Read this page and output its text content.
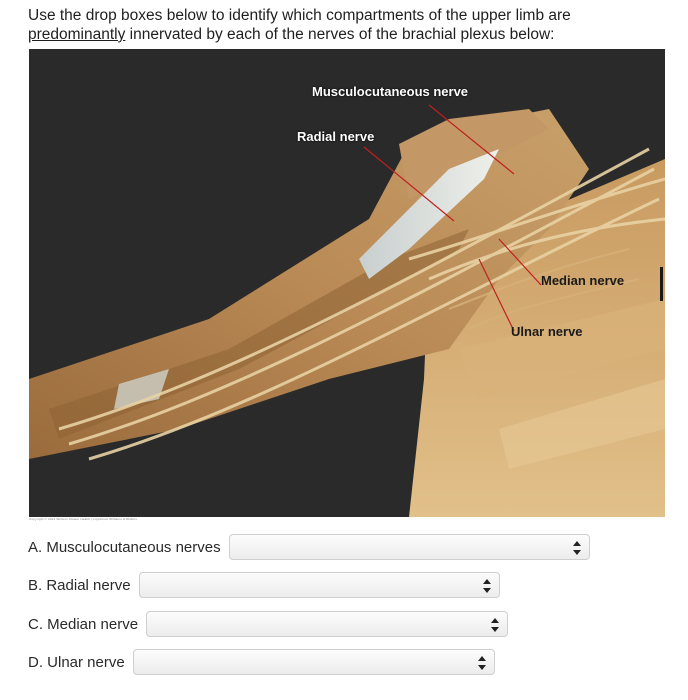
Use the drop boxes below to identify which compartments of the upper limb are
predominantly innervated by each of the nerves of the brachial plexus below:
Musculocutaneous nerve
Radial nerve
Median nerve
Ulnar nerve
Copyright © 2011 Wolters Kluwer Health | Lippincott Williams & Wilkins
A. Musculocutaneous nerves
B. Radial nerve
C. Median nerve
D. Ulnar nerve
